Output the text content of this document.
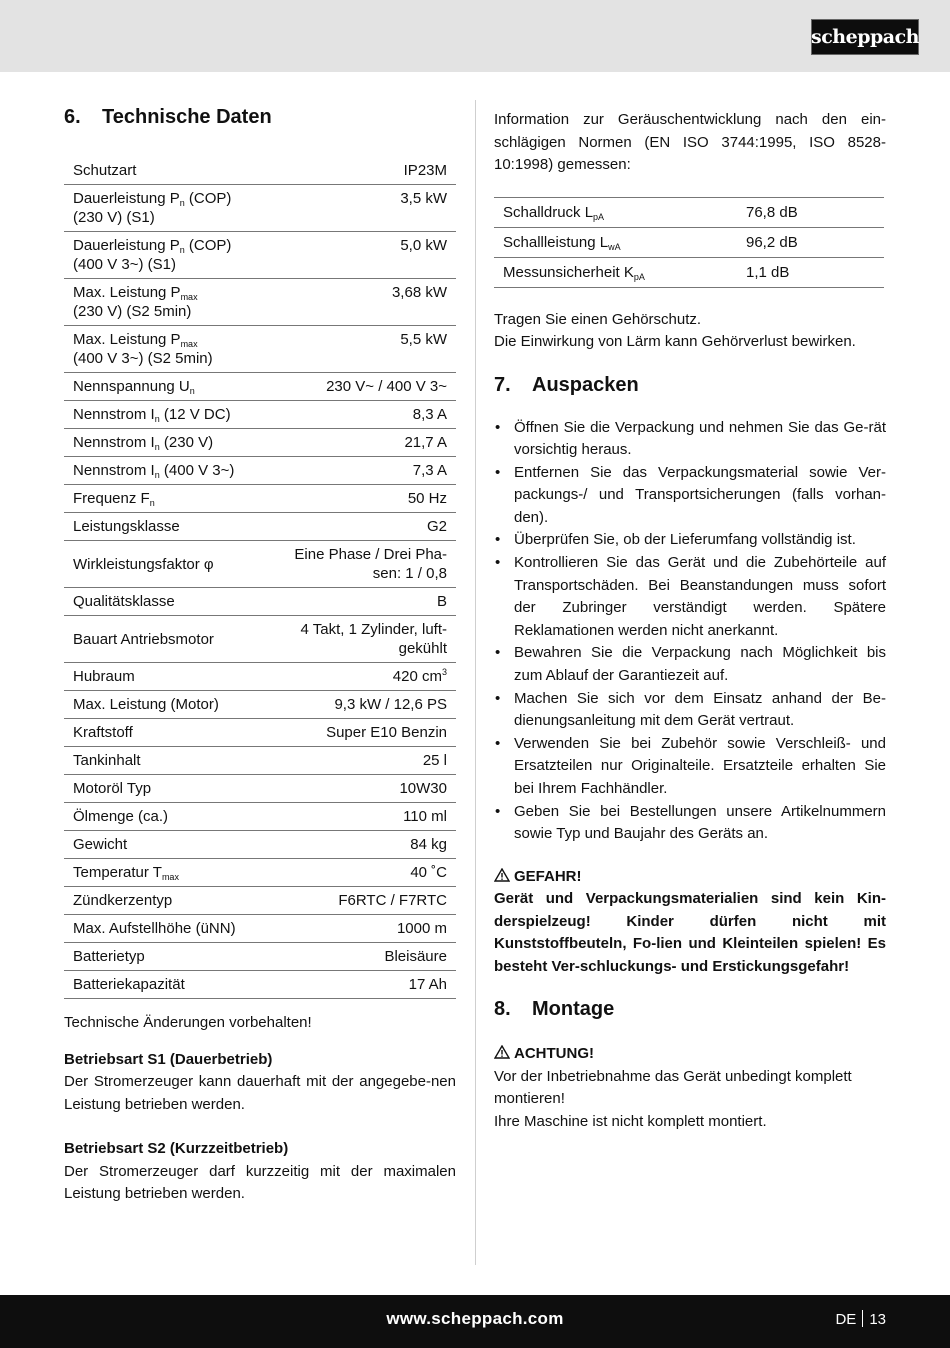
scheppach
6.	Technische Daten
Schutzart	IP23M
Dauerleistung $P_n$ (COP)
(230 V) (S1)	3,5 kW
Dauerleistung $P_n$ (COP)
(400 V 3~) (S1)	5,0 kW
Max. Leistung $P_{max}$
(230 V) (S2 5min)	3,68 kW
Max. Leistung $P_{max}$
(400 V 3~) (S2 5min)	5,5 kW
Nennspannung $U_n$	230 V~ / 400 V 3~
Nennstrom $I_n$ (12 V DC)	8,3 A
Nennstrom $I_n$ (230 V)	21,7 A
Nennstrom $I_n$ (400 V 3~)	7,3 A
Frequenz $F_n$	50 Hz
Leistungsklasse	G2
Wirkleistungsfaktor φ	Eine Phase / Drei Pha-
sen: 1 / 0,8
Qualitätsklasse	B
Bauart Antriebsmotor	4 Takt, 1 Zylinder, luft-
gekühlt
Hubraum	420 $cm^3$
Max. Leistung (Motor)	9,3 kW / 12,6 PS
Kraftstoff	Super E10 Benzin
Tankinhalt	25 l
Motoröl Typ	10W30
Ölmenge (ca.)	110 ml
Gewicht	84 kg
Temperatur $T_{max}$	40 ˚C
Zündkerzentyp	F6RTC / F7RTC
Max. Aufstellhöhe (üNN)	1000 m
Batterietyp	Bleisäure
Batteriekapazität	17 Ah

Technische Änderungen vorbehalten!

Betriebsart S1 (Dauerbetrieb)

Der Stromerzeuger kann dauerhaft mit der angegebe-nen Leistung betrieben werden.

Betriebsart S2 (Kurzzeitbetrieb)

Der Stromerzeuger darf kurzzeitig mit der maximalen Leistung betrieben werden.

Information zur Geräuschentwicklung nach den ein-schlägigen Normen (EN ISO 3744:1995, ISO 8528-10:1998) gemessen:

Schalldruck $L_{pA}$	76,8 dB
Schallleistung $L_{wA}$	96,2 dB
Messunsicherheit $K_{pA}$	1,1 dB

Tragen Sie einen Gehörschutz.

Die Einwirkung von Lärm kann Gehörverlust bewirken.

7.	Auspacken
• Öffnen Sie die Verpackung und nehmen Sie das Ge-rät vorsichtig heraus.
• Entfernen Sie das Verpackungsmaterial sowie Ver-packungs-/ und Transportsicherungen (falls vorhan-den).
• Überprüfen Sie, ob der Lieferumfang vollständig ist.
• Kontrollieren Sie das Gerät und die Zubehörteile auf Transportschäden. Bei Beanstandungen muss sofort der Zubringer verständigt werden. Spätere Reklamationen werden nicht anerkannt.
• Bewahren Sie die Verpackung nach Möglichkeit bis zum Ablauf der Garantiezeit auf.
• Machen Sie sich vor dem Einsatz anhand der Be-dienungsanleitung mit dem Gerät vertraut.
• Verwenden Sie bei Zubehör sowie Verschleiß- und Ersatzteilen nur Originalteile. Ersatzteile erhalten Sie bei Ihrem Fachhändler.
• Geben Sie bei Bestellungen unsere Artikelnummern sowie Typ und Baujahr des Geräts an.

GEFAHR!

Gerät und Verpackungsmaterialien sind kein Kin-derspielzeug! Kinder dürfen nicht mit Kunststoffbeuteln, Fo-lien und Kleinteilen spielen! Es besteht Ver-schluckungs- und Erstickungsgefahr!

8.	Montage

ACHTUNG!

Vor der Inbetriebnahme das Gerät unbedingt komplett montieren!

Ihre Maschine ist nicht komplett montiert.

www.scheppach.com	DE 13
